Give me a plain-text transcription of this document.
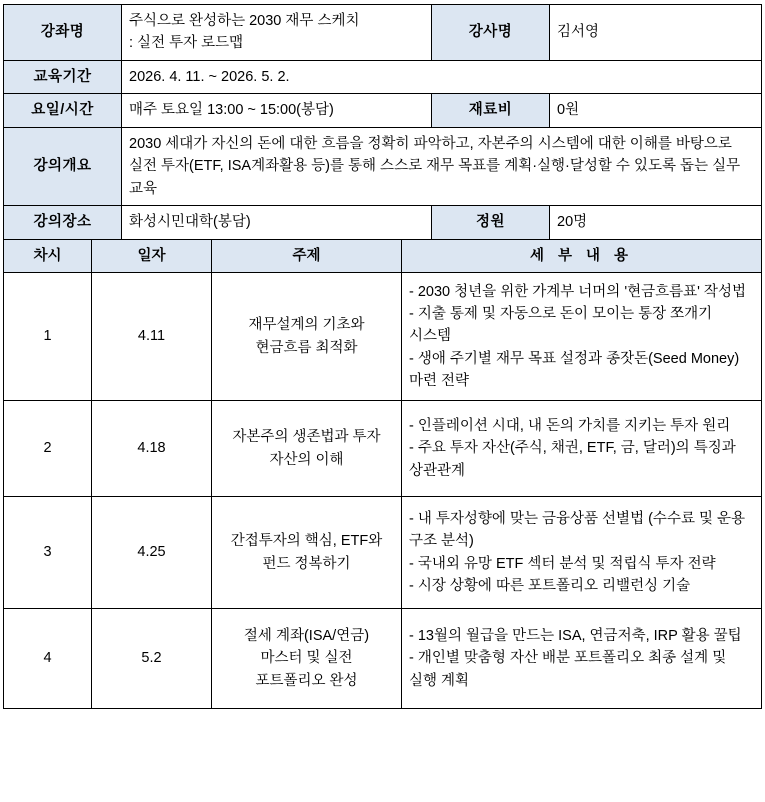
강좌명	주식으로 완성하는 2030 재무 스케치
: 실전 투자 로드맵	강사명	김서영
교육기간	2026. 4. 11. ~ 2026. 5. 2.		
요일/시간	매주 토요일 13:00 ~ 15:00(봉담)	재료비	0원
강의개요	2030 세대가 자신의 돈에 대한 흐름을 정확히 파악하고, 자본주의 시스템에 대한 이해를 바탕으로 실전 투자(ETF, ISA계좌활용 등)를 통해 스스로 재무 목표를 계획·실행·달성할 수 있도록 돕는 실무 교육		
강의장소	화성시민대학(봉담)	정원	20명
차시	일자	주제	세 부 내 용
1	4.11	재무설계의 기초와
현금흐름 최적화	- 2030 청년을 위한 가계부 너머의 '현금흐름표' 작성법
- 지출 통제 및 자동으로 돈이 모이는 통장 쪼개기 시스템
- 생애 주기별 재무 목표 설정과 종잣돈(Seed Money) 마련 전략

2	4.18	자본주의 생존법과 투자
자산의 이해	- 인플레이션 시대, 내 돈의 가치를 지키는 투자 원리
- 주요 투자 자산(주식, 채권, ETF, 금, 달러)의 특징과 상관관계

3	4.25	간접투자의 핵심, ETF와
펀드 정복하기	- 내 투자성향에 맞는 금융상품 선별법 (수수료 및 운용 구조 분석)
- 국내외 유망 ETF 섹터 분석 및 적립식 투자 전략
- 시장 상황에 따른 포트폴리오 리밸런싱 기술

4	5.2	절세 계좌(ISA/연금)
마스터 및 실전
포트폴리오 완성	- 13월의 월급을 만드는 ISA, 연금저축, IRP 활용 꿀팁
- 개인별 맞춤형 자산 배분 포트폴리오 최종 설계 및 실행 계획
